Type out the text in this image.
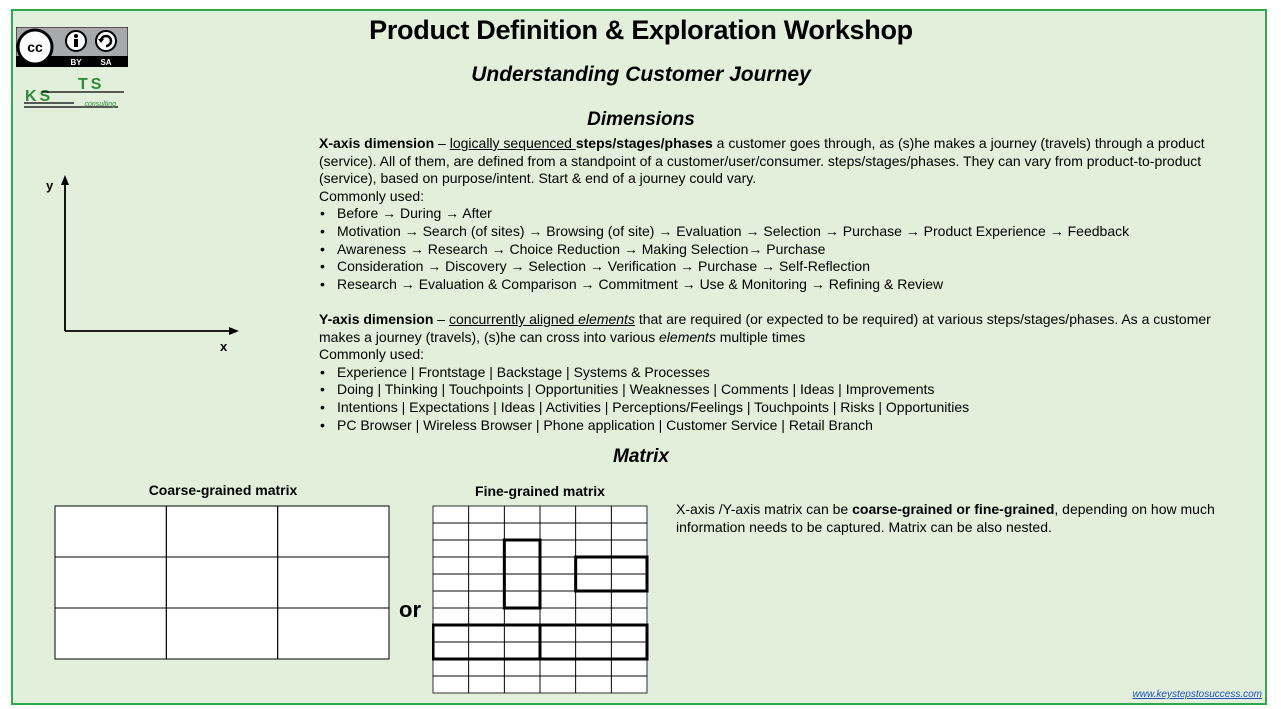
Product Definition & Exploration Workshop
Understanding Customer Journey
cc
BY SA
KS
TS
consulting
y
x
Dimensions

X-axis dimension – logically sequenced steps/stages/phases a customer goes through, as (s)he makes a journey (travels) through a product (service). All of them, are defined from a standpoint of a customer/user/consumer. steps/stages/phases. They can vary from product-to-product (service), based on purpose/intent. Start & end of a journey could vary.

Commonly used:

• Before → During → After
• Motivation → Search (of sites) → Browsing (of site) → Evaluation → Selection → Purchase → Product Experience → Feedback
• Awareness → Research → Choice Reduction → Making Selection→ Purchase
• Consideration → Discovery → Selection → Verification → Purchase → Self-Reflection
• Research → Evaluation & Comparison → Commitment → Use & Monitoring → Refining & Review

Y-axis dimension – concurrently aligned elements that are required (or expected to be required) at various steps/stages/phases. As a customer makes a journey (travels), (s)he can cross into various elements multiple times

Commonly used:

• Experience | Frontstage | Backstage | Systems & Processes
• Doing | Thinking | Touchpoints | Opportunities | Weaknesses | Comments | Ideas | Improvements
• Intentions | Expectations | Ideas | Activities | Perceptions/Feelings | Touchpoints | Risks | Opportunities
• PC Browser | Wireless Browser | Phone application | Customer Service | Retail Branch
Matrix
Coarse-grained matrix
or
Fine-grained matrix
X-axis /Y-axis matrix can be coarse-grained or fine-grained, depending on how much information needs to be captured. Matrix can be also nested.
www.keystepstosuccess.com
